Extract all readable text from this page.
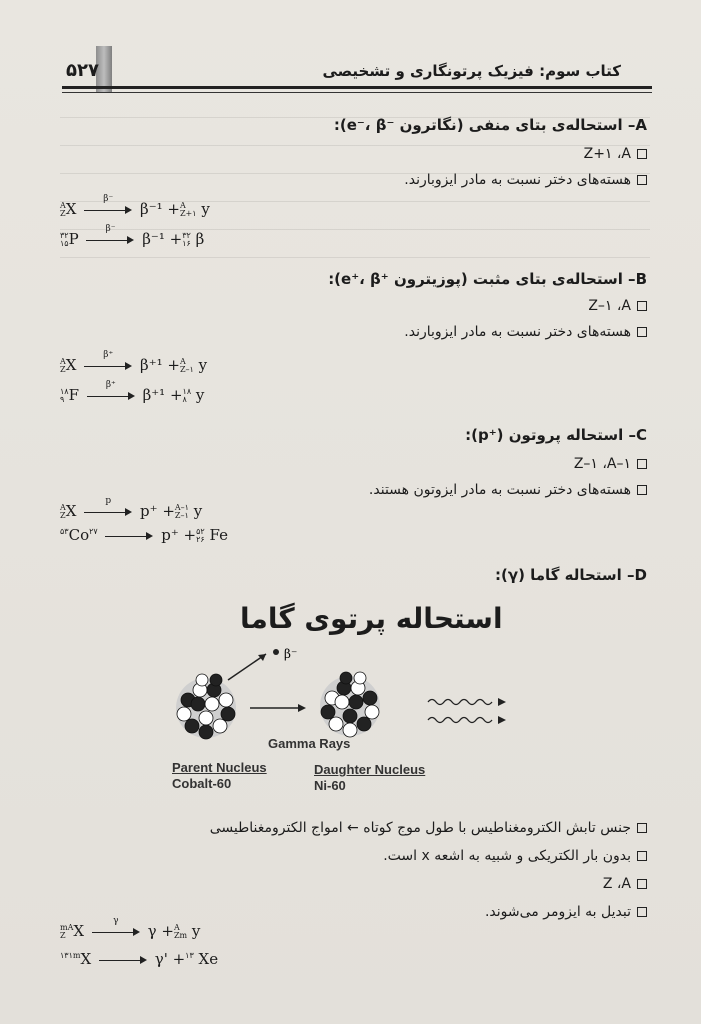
۵۲۷	کتاب سوم: فیزیک پرتونگاری و تشخیصی
A– استحاله‌ی بتای منفی (نگاترون ‎e‎⁻، ‎β⁻‎):
Z+۱ ،A
هسته‌های دختر نسبت به مادر ایزوبارند.
A
Z X
β⁻
β⁻¹ + A
Z+۱ y
۳۲
۱۵ P
β⁻
β⁻¹ + ۳۲
۱۶ β
B– استحاله‌ی بتای مثبت (پوزیترون ‎e⁺‎، ‎β⁺‎):
Z–۱ ،A
هسته‌های دختر نسبت به مادر ایزوبارند.
A
Z X
β⁺
β⁺¹ + A
Z–۱ y
۱۸
۹ F
β⁺
β⁺¹ + ۱۸
۸ y
C– استحاله پروتون (‎p⁺‎):
Z–۱ ،A–۱
هسته‌های دختر نسبت به مادر ایزوتون هستند.
A
Z X
p
p⁺ + A–۱
Z–۱ y
$^{۵۳}$Co$^{۲۷}$	p⁺ + ۵۲
۲۶ Fe
D– استحاله گاما (γ):
استحاله پرتوی گاما
β⁻
Gamma Rays
Parent Nucleus
Cobalt-60
Daughter Nucleus
Ni-60
جنس تابش الکترومغناطیس با طول موج کوتاه ← امواج الکترومغناطیسی
بدون بار الکتریکی و شبیه به اشعه x است.
Z ،A
تبدیل به ایزومر می‌شوند.
mA
Z X
γ
γ + A
Zm y
$^{۱۳۱m}$X	γ' +$^{۱۳}$ Xe
